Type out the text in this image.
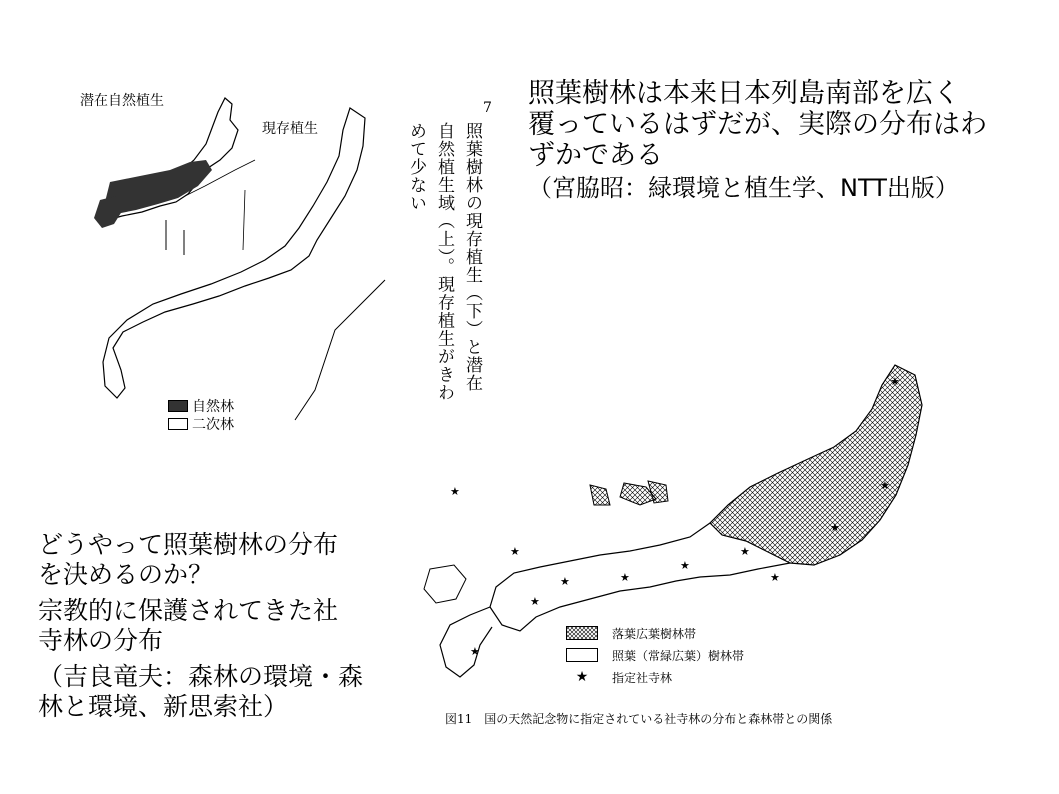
照葉樹林は本来日本列島南部を広く
覆っているはずだが、実際の分布はわ
ずかである
（宮脇昭：緑環境と植生学、NTT出版）
どうやって照葉樹林の分布
を決めるのか？
宗教的に保護されてきた社
寺林の分布
（吉良竜夫：森林の環境・森
林と環境、新思索社）
潜在自然植生
現存植生
自然林
二次林
7
照葉樹林の現存植生（下）と潜在
自然植生域（上）。現存植生がきわ
めて少ない
★
★	★
★
★
★
★
★
★
★
★
★
落葉広葉樹林帯
照葉（常緑広葉）樹林帯
★	指定社寺林
図11　国の天然記念物に指定されている社寺林の分布と森林帯との関係
